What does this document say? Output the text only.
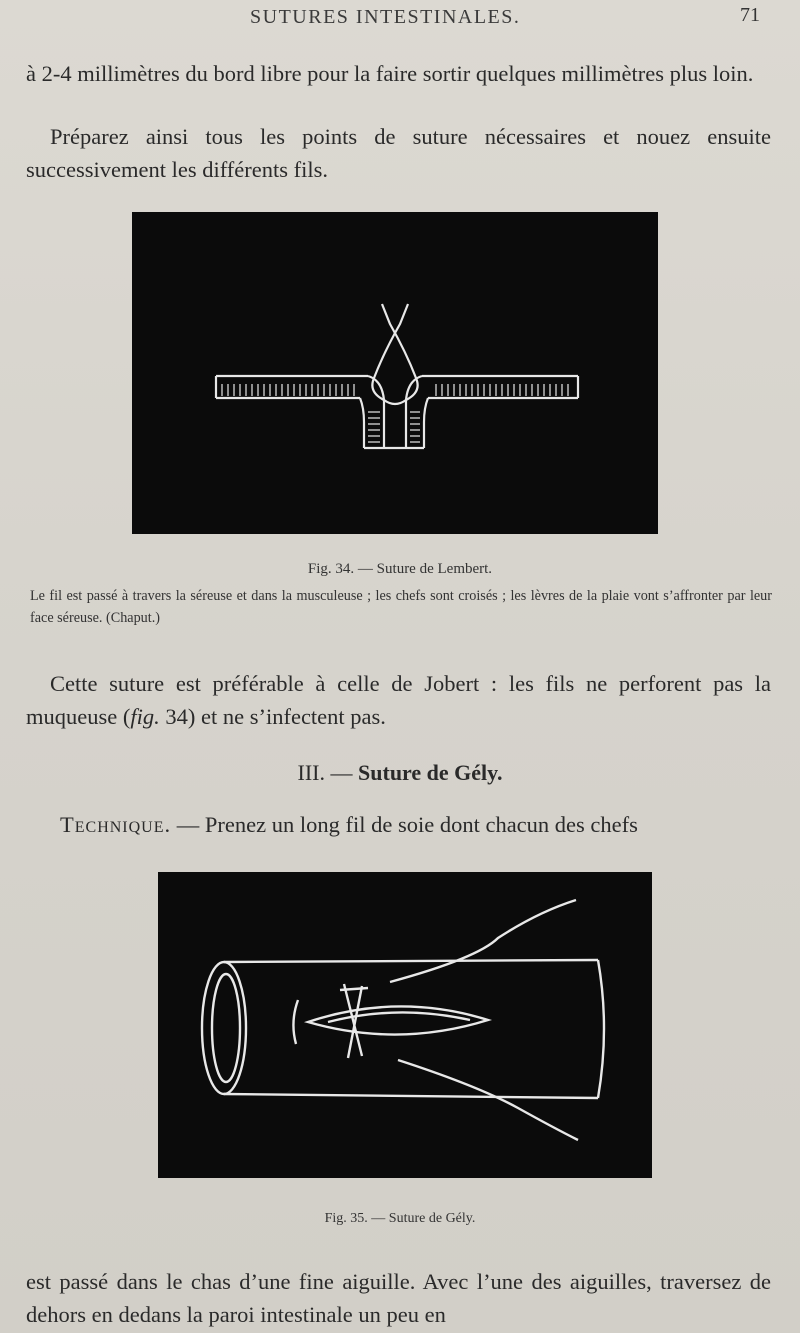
SUTURES INTESTINALES.	71
à 2-4 millimètres du bord libre pour la faire sortir quelques millimètres plus loin.
Préparez ainsi tous les points de suture nécessaires et nouez ensuite successivement les différents fils.
Fig. 34. — Suture de Lembert.
Le fil est passé à travers la séreuse et dans la musculeuse ; les chefs sont croisés ; les lèvres de la plaie vont s’affronter par leur face séreuse. (Chaput.)
Cette suture est préférable à celle de Jobert : les fils ne perforent pas la muqueuse (fig. 34) et ne s’infectent pas.
III. — Suture de Gély.
Technique. — Prenez un long fil de soie dont chacun des chefs
Fig. 35. — Suture de Gély.
est passé dans le chas d’une fine aiguille. Avec l’une des aiguilles, traversez de dehors en dedans la paroi intestinale un peu en
